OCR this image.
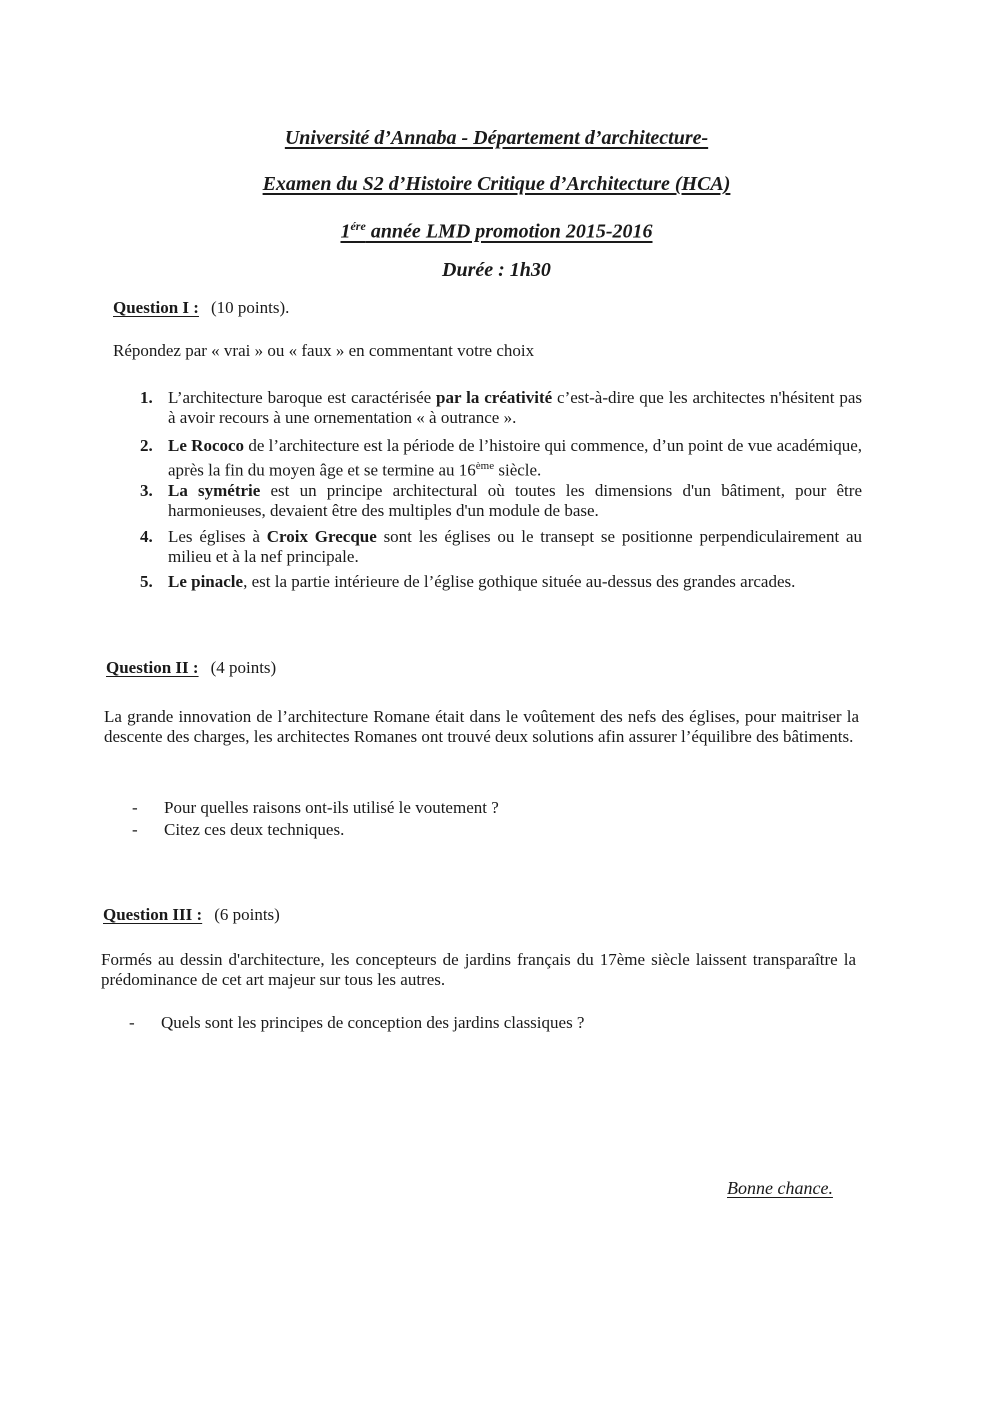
Université d’Annaba - Département d’architecture-

Examen du S2 d’Histoire Critique d’Architecture (HCA)

$1^{ére}$ année LMD promotion 2015-2016

Durée : 1h30

Question I : (10 points).

Répondez par « vrai » ou « faux » en commentant votre choix

1. L’architecture baroque est caractérisée par la créativité c’est-à-dire que les architectes n'hésitent pas à avoir recours à une ornementation « à outrance ».
2. Le Rococo de l’architecture est la période de l’histoire qui commence, d’un point de vue académique, après la fin du moyen âge et se termine au 16ème siècle.
3. La symétrie est un principe architectural où toutes les dimensions d'un bâtiment, pour être harmonieuses, devaient être des multiples d'un module de base.
4. Les églises à Croix Grecque sont les églises ou le transept se positionne perpendiculairement au milieu et à la nef principale.
5. Le pinacle, est la partie intérieure de l’église gothique située au-dessus des grandes arcades.

Question II : (4 points)

La grande innovation de l’architecture Romane était dans le voûtement des nefs des églises, pour maitriser la descente des charges, les architectes Romanes ont trouvé deux solutions afin assurer l’équilibre des bâtiments.

- Pour quelles raisons ont-ils utilisé le voutement ?
- Citez ces deux techniques.

Question III : (6 points)

Formés au dessin d'architecture, les concepteurs de jardins français du 17ème siècle laissent transparaître la prédominance de cet art majeur sur tous les autres.

- Quels sont les principes de conception des jardins classiques ?

Bonne chance.
